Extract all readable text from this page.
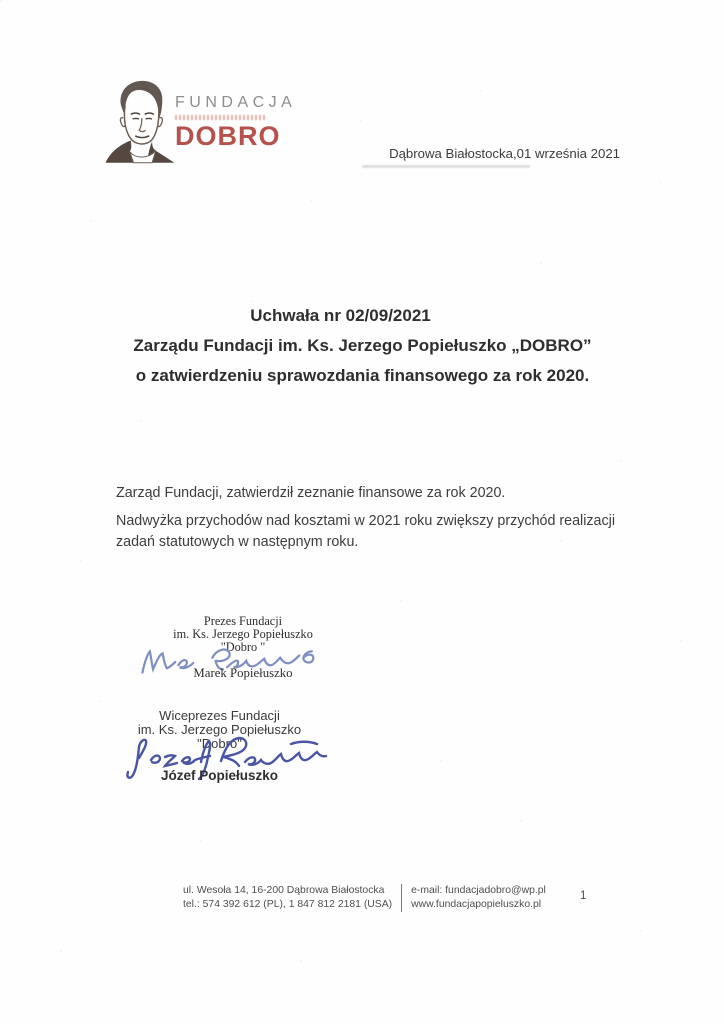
FUNDACJA
DOBRO
Dąbrowa Białostocka,01 września 2021
Uchwała nr 02/09/2021
Zarządu Fundacji im. Ks. Jerzego Popiełuszko „DOBRO”
o zatwierdzeniu sprawozdania finansowego za rok 2020.
Zarząd Fundacji, zatwierdził zeznanie finansowe za rok 2020.
Nadwyżka przychodów nad kosztami w 2021 roku zwiększy przychód realizacji zadań statutowych w następnym roku.
Prezes Fundacji
im. Ks. Jerzego Popiełuszko
"Dobro "
Marek Popiełuszko
Wiceprezes Fundacji
im. Ks. Jerzego Popiełuszko
"Dobro"
Józef Popiełuszko
ul. Wesoła 14, 16-200 Dąbrowa Białostocka
tel.: 574 392 612 (PL), 1 847 812 2181 (USA)
e-mail: fundacjadobro@wp.pl
www.fundacjapopieluszko.pl
1
